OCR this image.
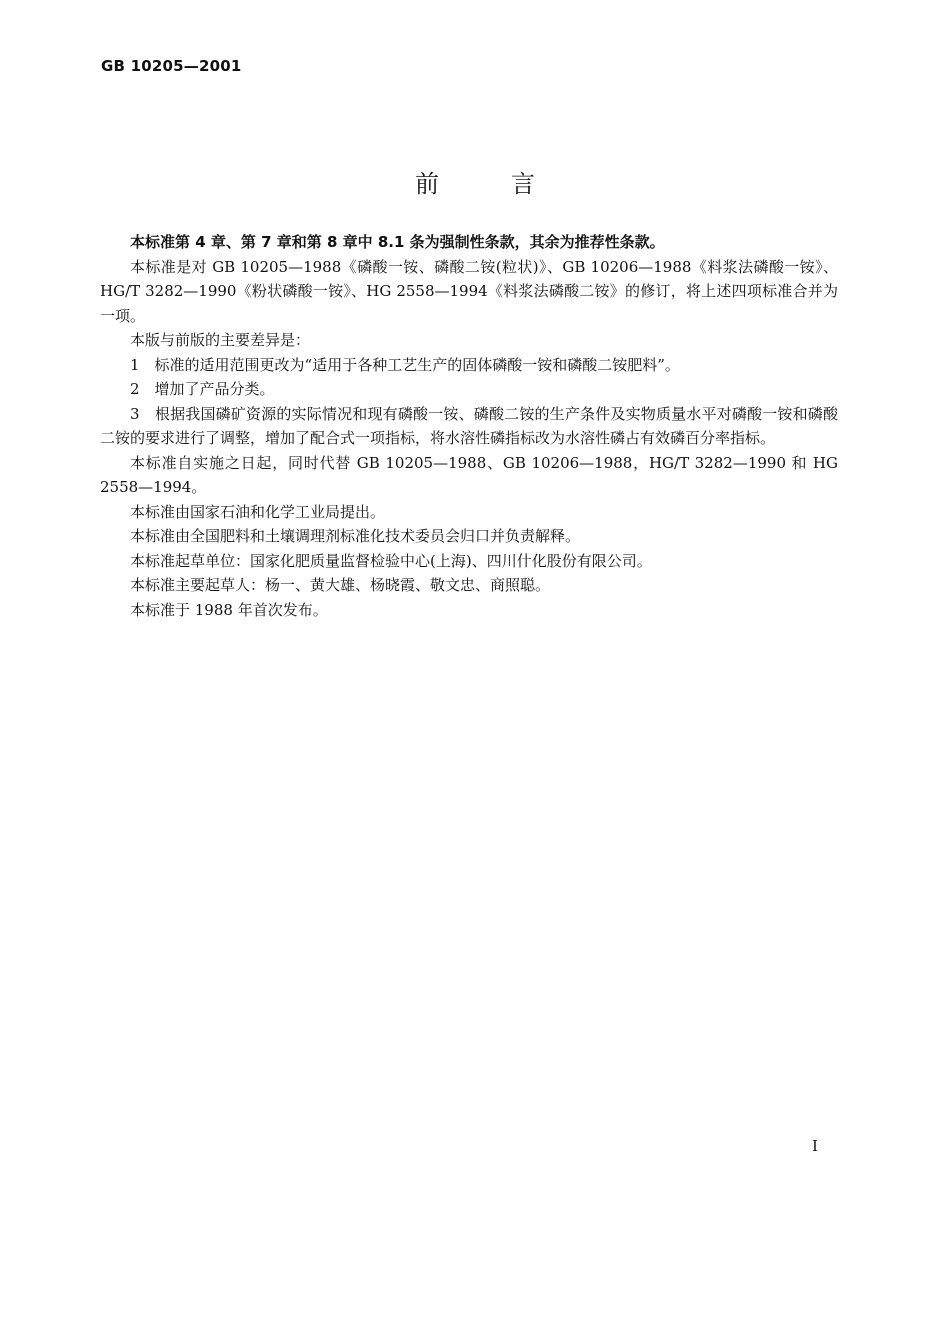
GB 10205—2001
前言

本标准第 4 章、第 7 章和第 8 章中 8.1 条为强制性条款，其余为推荐性条款。

本标准是对 GB 10205—1988《磷酸一铵、磷酸二铵(粒状)》、GB 10206—1988《料浆法磷酸一铵》、HG/T 3282—1990《粉状磷酸一铵》、HG 2558—1994《料浆法磷酸二铵》的修订，将上述四项标准合并为一项。

本版与前版的主要差异是：

1　标准的适用范围更改为“适用于各种工艺生产的固体磷酸一铵和磷酸二铵肥料”。

2　增加了产品分类。

3　根据我国磷矿资源的实际情况和现有磷酸一铵、磷酸二铵的生产条件及实物质量水平对磷酸一铵和磷酸二铵的要求进行了调整，增加了配合式一项指标，将水溶性磷指标改为水溶性磷占有效磷百分率指标。

本标准自实施之日起，同时代替 GB 10205—1988、GB 10206—1988，HG/T 3282—1990 和 HG 2558—1994。

本标准由国家石油和化学工业局提出。

本标准由全国肥料和土壤调理剂标准化技术委员会归口并负责解释。

本标准起草单位：国家化肥质量监督检验中心(上海)、四川什化股份有限公司。

本标准主要起草人：杨一、黄大雄、杨晓霞、敬文忠、商照聪。

本标准于 1988 年首次发布。

I
